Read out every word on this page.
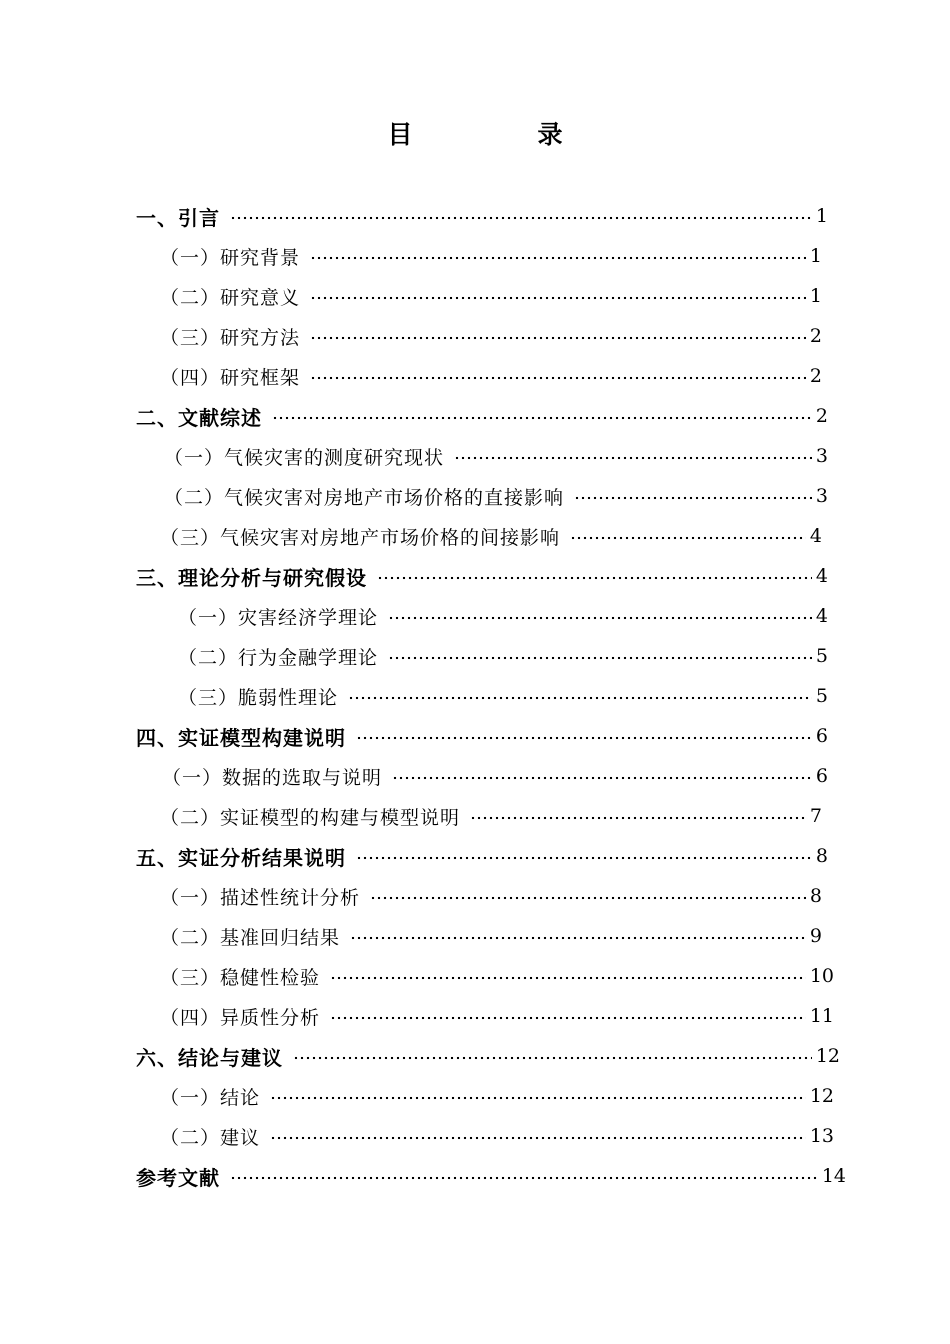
目　录
一、引言	1
（一）研究背景	1
（二）研究意义	1
（三）研究方法	2
（四）研究框架	2
二、文献综述	2
（一）气候灾害的测度研究现状	3
（二）气候灾害对房地产市场价格的直接影响	3
（三）气候灾害对房地产市场价格的间接影响	4
三、理论分析与研究假设	4
（一）灾害经济学理论	4
（二）行为金融学理论	5
（三）脆弱性理论	5
四、实证模型构建说明	6
（一）数据的选取与说明	6
（二）实证模型的构建与模型说明	7
五、实证分析结果说明	8
（一）描述性统计分析	8
（二）基准回归结果	9
（三）稳健性检验	10
（四）异质性分析	11
六、结论与建议	12
（一）结论	12
（二）建议	13
参考文献	14
